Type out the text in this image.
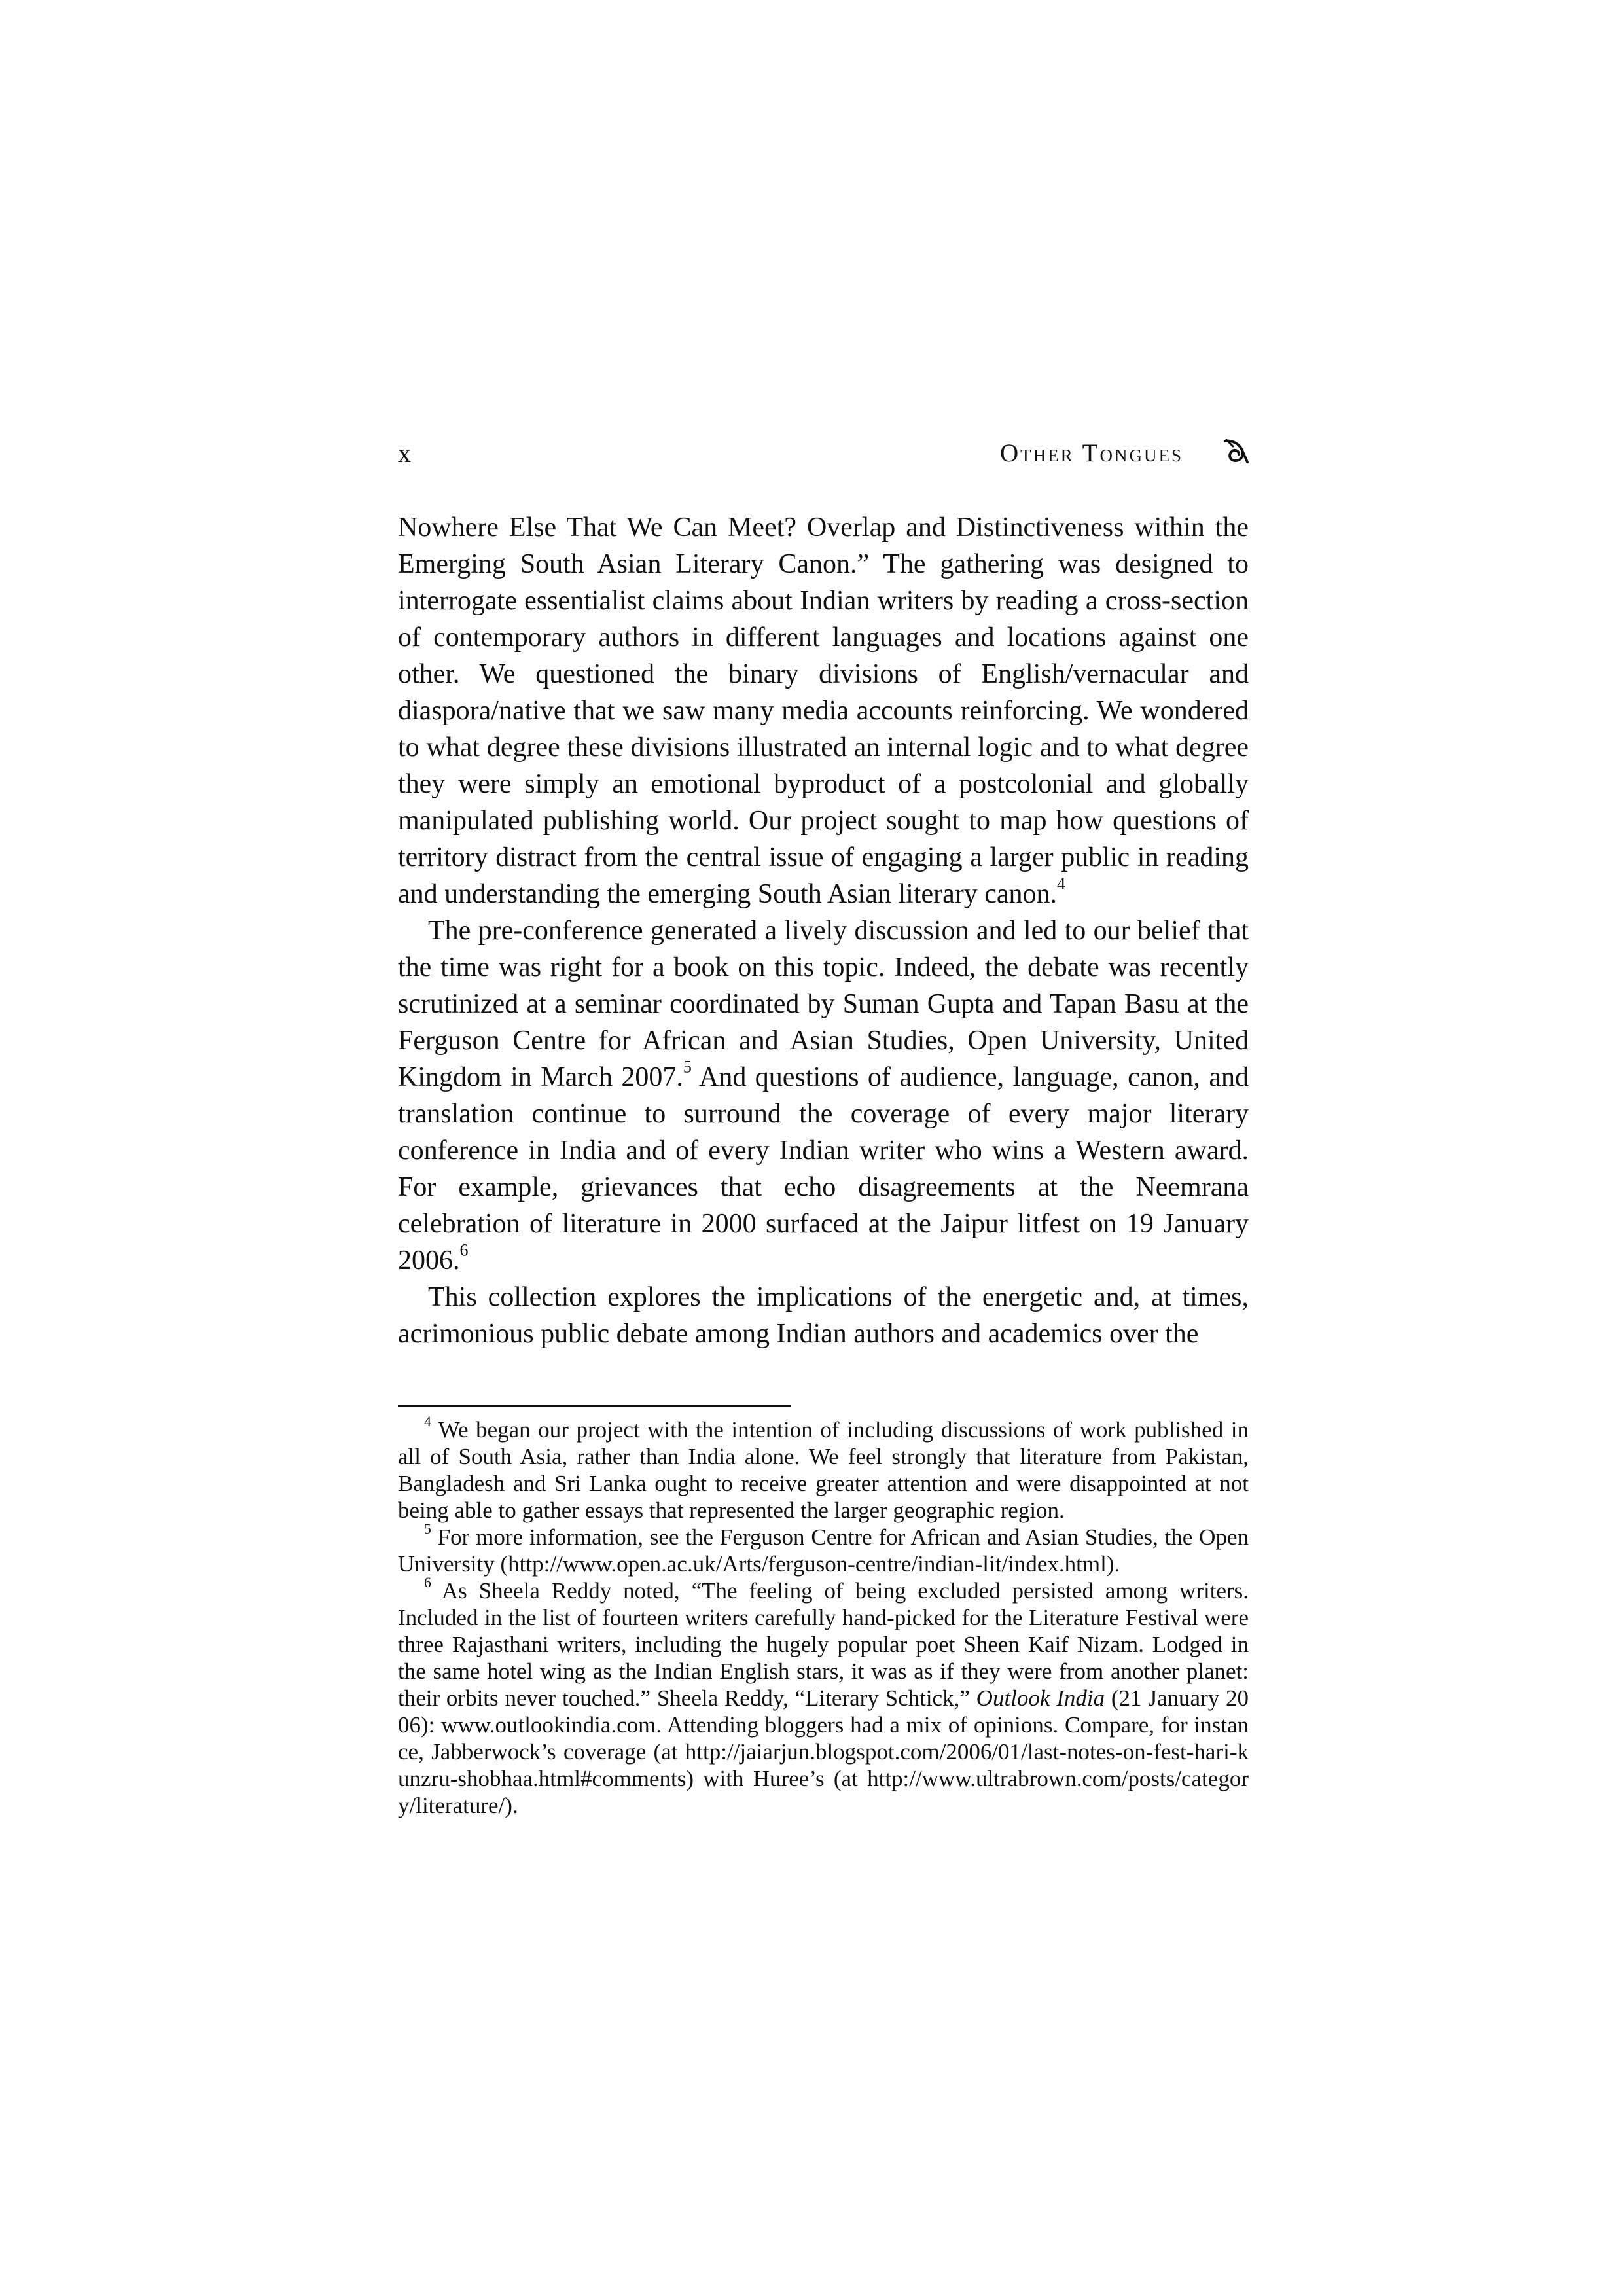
x	Other Tongues

Nowhere Else That We Can Meet? Overlap and Distinctiveness within the Emerging South Asian Literary Canon.” The gathering was designed to interrogate essentialist claims about Indian writers by reading a cross-section of contemporary authors in different languages and locations against one other. We questioned the binary divisions of English/vernacular and diaspora/native that we saw many media accounts reinforcing. We wondered to what degree these divisions illustrated an internal logic and to what degree they were simply an emotional byproduct of a postcolonial and globally manipulated publishing world. Our project sought to map how questions of territory distract from the central issue of engaging a larger public in reading and understanding the emerging South Asian literary canon.$^4$

The pre-conference generated a lively discussion and led to our belief that the time was right for a book on this topic. Indeed, the debate was recently scrutinized at a seminar coordinated by Suman Gupta and Tapan Basu at the Ferguson Centre for African and Asian Studies, Open University, United Kingdom in March 2007.$^5$ And questions of audience, language, canon, and translation continue to surround the coverage of every major literary conference in India and of every Indian writer who wins a Western award. For example, grievances that echo disagreements at the Neemrana celebration of literature in 2000 surfaced at the Jaipur litfest on 19 January 2006.$^6$

This collection explores the implications of the energetic and, at times, acrimonious public debate among Indian authors and academics over the

$^4$ We began our project with the intention of including discussions of work published in all of South Asia, rather than India alone. We feel strongly that literature from Pakistan, Bangladesh and Sri Lanka ought to receive greater attention and were disappointed at not being able to gather essays that represented the larger geographic region.

$^5$ For more information, see the Ferguson Centre for African and Asian Studies, the Open University (http://www.open.ac.uk/Arts/ferguson-centre/indian-lit/index.html).

$^6$ As Sheela Reddy noted, “The feeling of being excluded persisted among writers. Included in the list of fourteen writers carefully hand-picked for the Literature Festival were three Rajasthani writers, including the hugely popular poet Sheen Kaif Nizam. Lodged in the same hotel wing as the Indian English stars, it was as if they were from another planet: their orbits never touched.” Sheela Reddy, “Literary Schtick,” Outlook India (21 January 2006): www.outlookindia.com. Attending bloggers had a mix of opinions. Compare, for instance, Jabberwock’s coverage (at http://jaiarjun.blogspot.com/2006/01/last-notes-on-fest-hari-kunzru-shobhaa.html#comments) with Huree’s (at http://www.ultrabrown.com/posts/category/literature/).
